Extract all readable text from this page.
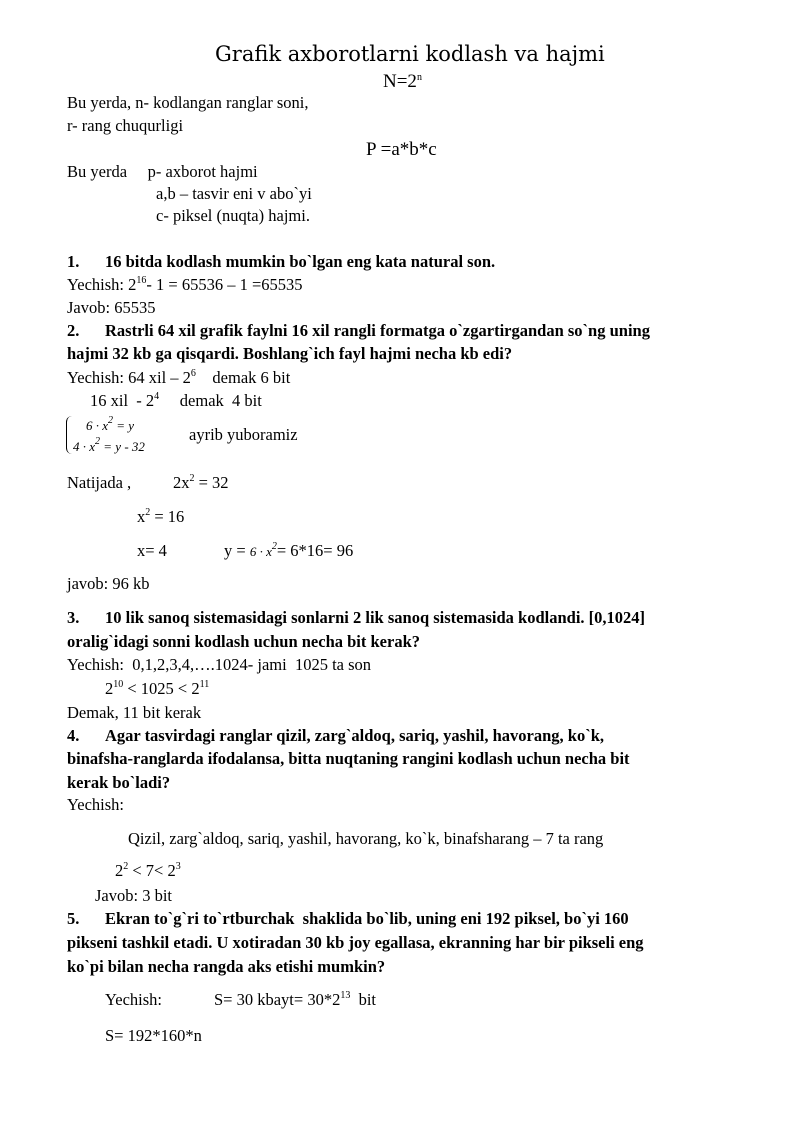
Grafik axborotlarni kodlash va hajmi
$N=2^n$
Bu yerda, n- kodlangan ranglar soni,
r- rang chuqurligi
P =a*b*c
Bu yerda     p- axborot hajmi
a,b – tasvir eni v abo`yi
c- piksel (nuqta) hajmi.
1. 16 bitda kodlash mumkin bo`lgan eng kata natural son.
Yechish: $2^{16}-$ 1 = 65536 – 1 =65535
Javob: 65535
2. Rastrli 64 xil grafik faylni 16 xil rangli formatga o`zgartirgandan so`ng uning
hajmi 32 kb ga qisqardi. Boshlang`ich fayl hajmi necha kb edi?
Yechish: 64 xil – $2^6$    demak 6 bit
16 xil  - $2^4$     demak  4 bit
$6 \cdot x^2 = y$
$4 \cdot x^2 = y - 32$
ayrib yuboramiz
Natijada ,	$2x^2 = 32$
$x^2 = 16$
x= 4	$y = 6 \cdot x^2= 6*16= 96$
javob: 96 kb
3. 10 lik sanoq sistemasidagi sonlarni 2 lik sanoq sistemasida kodlandi. [0,1024]
oralig`idagi sonni kodlash uchun necha bit kerak?
Yechish:  0,1,2,3,4,….1024- jami  1025 ta son
$2^{10} < 1025 < 2^{11}$
Demak, 11 bit kerak
4. Agar tasvirdagi ranglar qizil, zarg`aldoq, sariq, yashil, havorang, ko`k,
binafsha-ranglarda ifodalansa, bitta nuqtaning rangini kodlash uchun necha bit
kerak bo`ladi?
Yechish:
Qizil, zarg`aldoq, sariq, yashil, havorang, ko`k, binafsharang – 7 ta rang
$2^2 < 7< 2^3$
Javob: 3 bit
5. Ekran to`g`ri to`rtburchak  shaklida bo`lib, uning eni 192 piksel, bo`yi 160
pikseni tashkil etadi. U xotiradan 30 kb joy egallasa, ekranning har bir pikseli eng
ko`pi bilan necha rangda aks etishi mumkin?
Yechish:	S= 30 kbayt= $30*2^{13}$  bit
S= 192*160*n
